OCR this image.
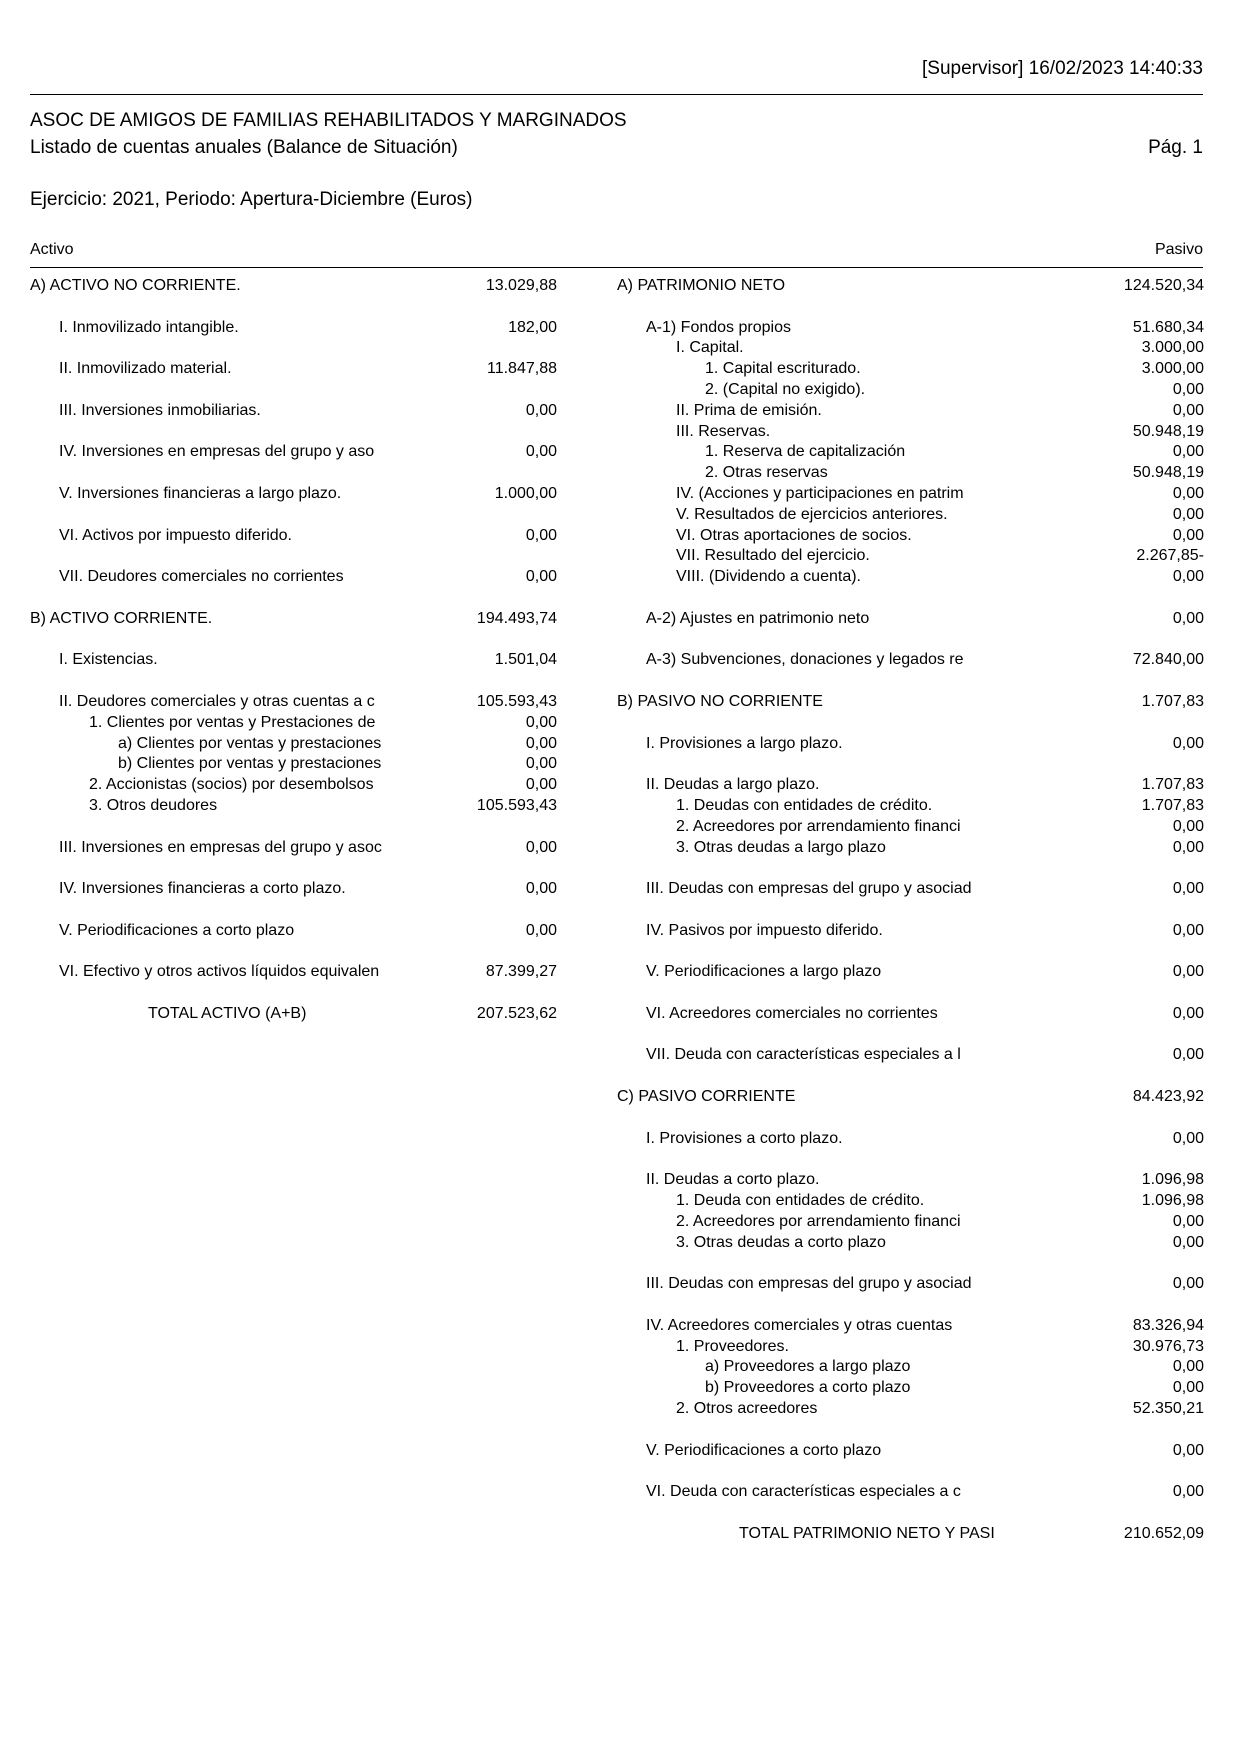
[Supervisor] 16/02/2023 14:40:33
ASOC DE AMIGOS DE FAMILIAS REHABILITADOS Y MARGINADOS
Listado de cuentas anuales (Balance de Situación)	Pág. 1
Ejercicio: 2021, Periodo: Apertura-Diciembre (Euros)
Activo	Pasivo
A) ACTIVO NO CORRIENTE.	13.029,88
I. Inmovilizado intangible.	182,00
II. Inmovilizado material.	11.847,88
III. Inversiones inmobiliarias.	0,00
IV. Inversiones en empresas del grupo y aso	0,00
V. Inversiones financieras a largo plazo.	1.000,00
VI. Activos por impuesto diferido.	0,00
VII. Deudores comerciales no corrientes	0,00
B) ACTIVO CORRIENTE.	194.493,74
I. Existencias.	1.501,04
II. Deudores comerciales y otras cuentas a c	105.593,43
1. Clientes por ventas y Prestaciones de	0,00
a) Clientes por ventas y prestaciones	0,00
b) Clientes por ventas y prestaciones	0,00
2. Accionistas (socios) por desembolsos	0,00
3. Otros deudores	105.593,43
III. Inversiones en empresas del grupo y asoc	0,00
IV. Inversiones financieras a corto plazo.	0,00
V. Periodificaciones a corto plazo	0,00
VI. Efectivo y otros activos líquidos equivalen	87.399,27
TOTAL ACTIVO (A+B)	207.523,62
A) PATRIMONIO NETO	124.520,34
A-1) Fondos propios	51.680,34
I. Capital.	3.000,00
1. Capital escriturado.	3.000,00
2. (Capital no exigido).	0,00
II. Prima de emisión.	0,00
III. Reservas.	50.948,19
1. Reserva de capitalización	0,00
2. Otras reservas	50.948,19
IV. (Acciones y participaciones en patrim	0,00
V. Resultados de ejercicios anteriores.	0,00
VI. Otras aportaciones de socios.	0,00
VII. Resultado del ejercicio.	2.267,85-
VIII. (Dividendo a cuenta).	0,00
A-2) Ajustes en patrimonio neto	0,00
A-3) Subvenciones, donaciones y legados re	72.840,00
B) PASIVO NO CORRIENTE	1.707,83
I. Provisiones a largo plazo.	0,00
II. Deudas a largo plazo.	1.707,83
1. Deudas con entidades de crédito.	1.707,83
2. Acreedores por arrendamiento financi	0,00
3. Otras deudas a largo plazo	0,00
III. Deudas con empresas del grupo y asociad	0,00
IV. Pasivos por impuesto diferido.	0,00
V. Periodificaciones a largo plazo	0,00
VI. Acreedores comerciales no corrientes	0,00
VII. Deuda con características especiales a l	0,00
C) PASIVO CORRIENTE	84.423,92
I. Provisiones a corto plazo.	0,00
II. Deudas a corto plazo.	1.096,98
1. Deuda con entidades de crédito.	1.096,98
2. Acreedores por arrendamiento financi	0,00
3. Otras deudas a corto plazo	0,00
III. Deudas con empresas del grupo y asociad	0,00
IV. Acreedores comerciales y otras cuentas	83.326,94
1. Proveedores.	30.976,73
a) Proveedores a largo plazo	0,00
b) Proveedores a corto plazo	0,00
2. Otros acreedores	52.350,21
V. Periodificaciones a corto plazo	0,00
VI. Deuda con características especiales a c	0,00
TOTAL PATRIMONIO NETO Y PASI	210.652,09
